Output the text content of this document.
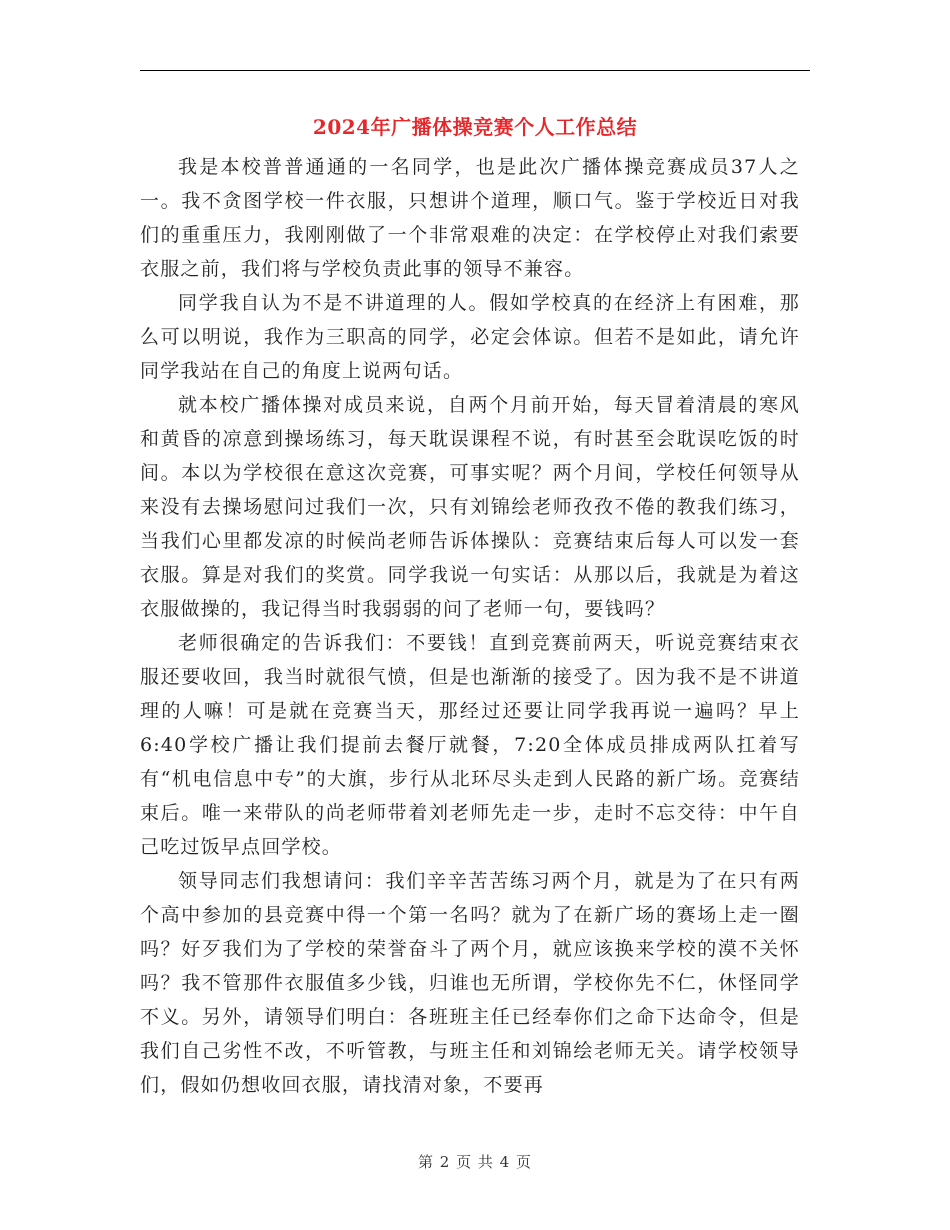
2024年广播体操竞赛个人工作总结

我是本校普普通通的一名同学，也是此次广播体操竞赛成员37人之一。我不贪图学校一件衣服，只想讲个道理，顺口气。鉴于学校近日对我们的重重压力，我刚刚做了一个非常艰难的决定：在学校停止对我们索要衣服之前，我们将与学校负责此事的领导不兼容。

同学我自认为不是不讲道理的人。假如学校真的在经济上有困难，那么可以明说，我作为三职高的同学，必定会体谅。但若不是如此，请允许同学我站在自己的角度上说两句话。

就本校广播体操对成员来说，自两个月前开始，每天冒着清晨的寒风和黄昏的凉意到操场练习，每天耽误课程不说，有时甚至会耽误吃饭的时间。本以为学校很在意这次竞赛，可事实呢？两个月间，学校任何领导从来没有去操场慰问过我们一次，只有刘锦绘老师孜孜不倦的教我们练习，当我们心里都发凉的时候尚老师告诉体操队：竞赛结束后每人可以发一套衣服。算是对我们的奖赏。同学我说一句实话：从那以后，我就是为着这衣服做操的，我记得当时我弱弱的问了老师一句，要钱吗？

老师很确定的告诉我们：不要钱！直到竞赛前两天，听说竞赛结束衣服还要收回，我当时就很气愤，但是也渐渐的接受了。因为我不是不讲道理的人嘛！可是就在竞赛当天，那经过还要让同学我再说一遍吗？早上6:40学校广播让我们提前去餐厅就餐，7:20全体成员排成两队扛着写有“机电信息中专”的大旗，步行从北环尽头走到人民路的新广场。竞赛结束后。唯一来带队的尚老师带着刘老师先走一步，走时不忘交待：中午自己吃过饭早点回学校。

领导同志们我想请问：我们辛辛苦苦练习两个月，就是为了在只有两个高中参加的县竞赛中得一个第一名吗？就为了在新广场的赛场上走一圈吗？好歹我们为了学校的荣誉奋斗了两个月，就应该换来学校的漠不关怀吗？我不管那件衣服值多少钱，归谁也无所谓，学校你先不仁，休怪同学不义。另外，请领导们明白：各班班主任已经奉你们之命下达命令，但是我们自己劣性不改，不听管教，与班主任和刘锦绘老师无关。请学校领导们，假如仍想收回衣服，请找清对象，不要再

第 2 页 共 4 页
